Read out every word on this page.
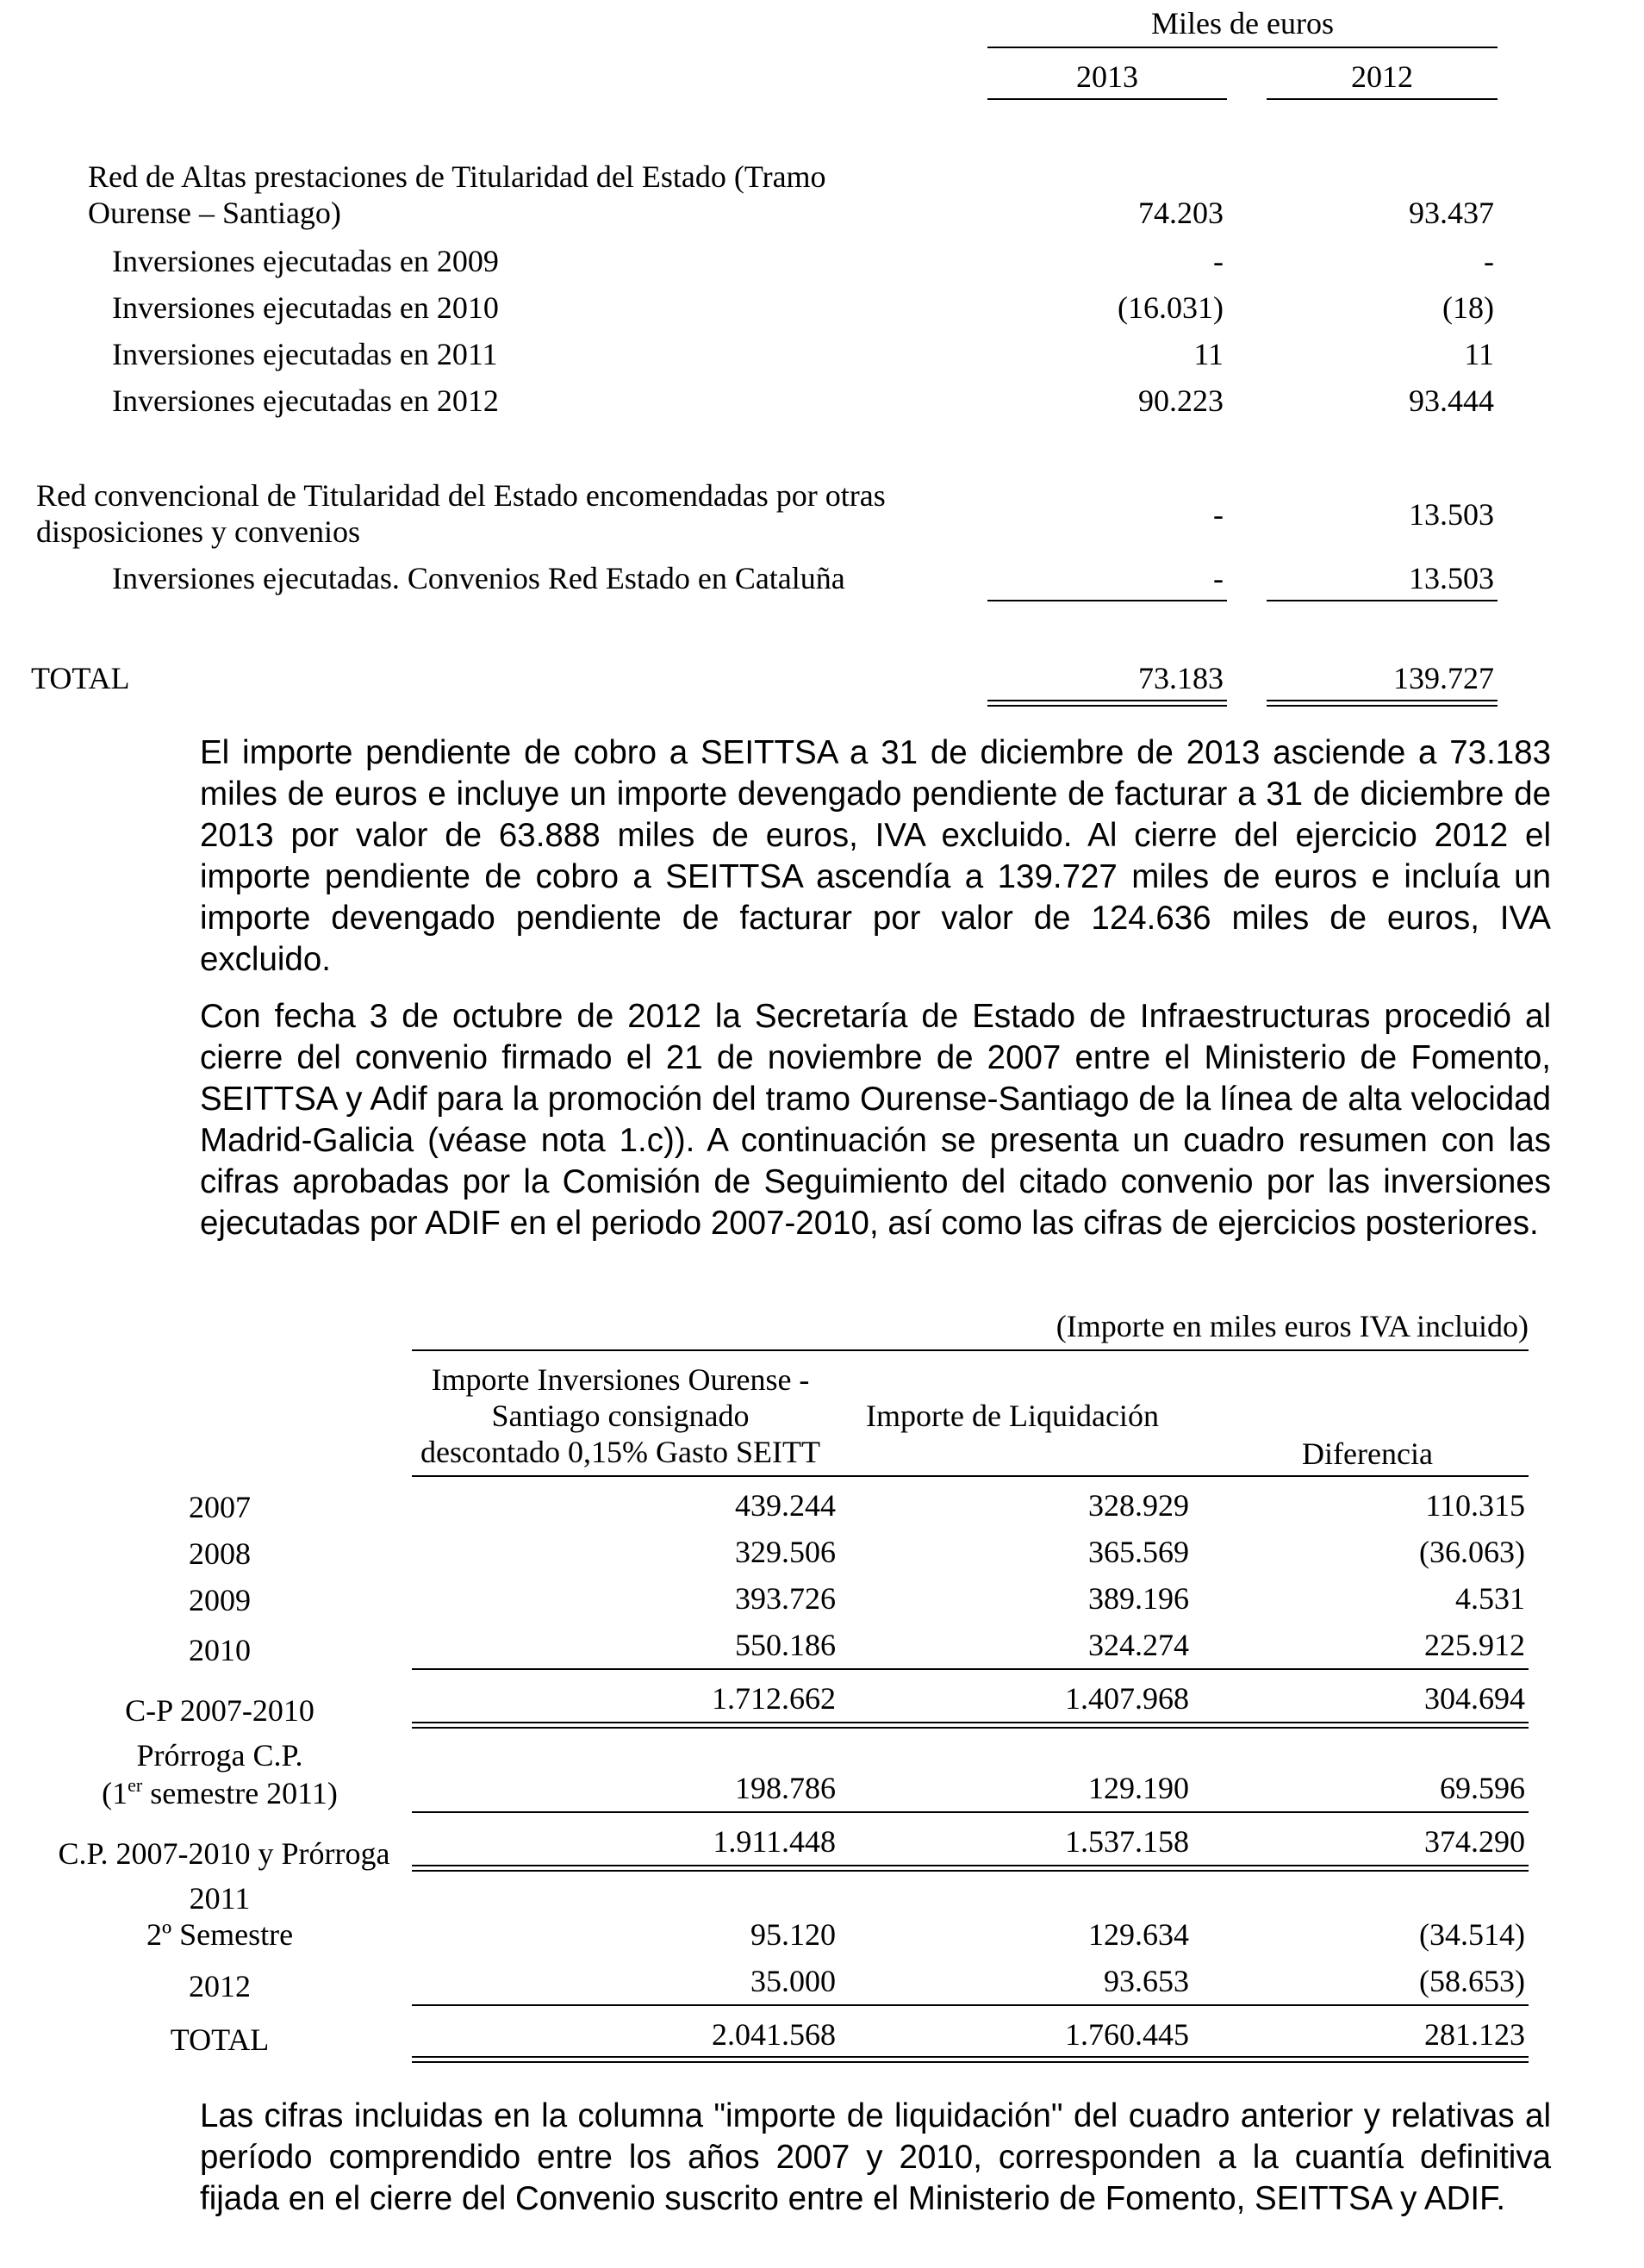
Miles de euros
2013	2012
Red de Altas prestaciones de Titularidad del Estado (Tramo
Ourense – Santiago)	74.203	93.437
Inversiones ejecutadas en 2009	-	-
Inversiones ejecutadas en 2010	(16.031)	(18)
Inversiones ejecutadas en 2011	11	11
Inversiones ejecutadas en 2012	90.223	93.444
Red convencional de Titularidad del Estado encomendadas por otras
disposiciones y convenios	-	13.503
Inversiones ejecutadas. Convenios Red Estado en Cataluña	-	13.503
TOTAL	73.183	139.727
El importe pendiente de cobro a SEITTSA a 31 de diciembre de 2013 asciende a 73.183 miles de euros e incluye un importe devengado pendiente de facturar a 31 de diciembre de 2013 por valor de 63.888 miles de euros, IVA excluido. Al cierre del ejercicio 2012 el importe pendiente de cobro a SEITTSA ascendía a 139.727 miles de euros e incluía un importe devengado pendiente de facturar por valor de 124.636 miles de euros, IVA excluido.
Con fecha 3 de octubre de 2012 la Secretaría de Estado de Infraestructuras procedió al cierre del convenio firmado el 21 de noviembre de 2007 entre el Ministerio de Fomento, SEITTSA y Adif para la promoción del tramo Ourense-Santiago de la línea de alta velocidad Madrid-Galicia (véase nota 1.c)). A continuación se presenta un cuadro resumen con las cifras aprobadas por la Comisión de Seguimiento del citado convenio por las inversiones ejecutadas por ADIF en el periodo 2007-2010, así como las cifras de ejercicios posteriores.
(Importe en miles euros IVA incluido)
Importe Inversiones Ourense -
Santiago consignado
descontado 0,15% Gasto SEITT
Importe de Liquidación
Diferencia
2007	439.244	328.929	110.315
2008	329.506	365.569	(36.063)
2009	393.726	389.196	4.531
2010	550.186	324.274	225.912
C-P 2007-2010	1.712.662	1.407.968	304.694
Prórroga C.P.
(1er semestre 2011)	198.786	129.190	69.596
C.P. 2007-2010 y Prórroga	1.911.448	1.537.158	374.290
2011
2º Semestre	95.120	129.634	(34.514)
2012	35.000	93.653	(58.653)
TOTAL	2.041.568	1.760.445	281.123
Las cifras incluidas en la columna "importe de liquidación" del cuadro anterior y relativas al período comprendido entre los años 2007 y 2010, corresponden a la cuantía definitiva fijada en el cierre del Convenio suscrito entre el Ministerio de Fomento, SEITTSA y ADIF.
